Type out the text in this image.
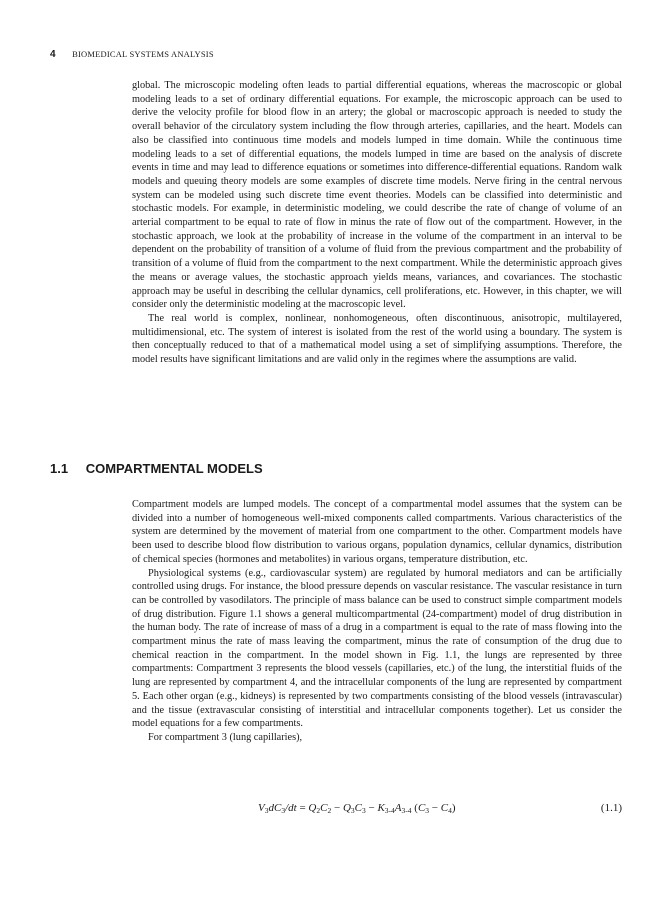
4 BIOMEDICAL SYSTEMS ANALYSIS

global. The microscopic modeling often leads to partial differential equations, whereas the macroscopic or global modeling leads to a set of ordinary differential equations. For example, the microscopic approach can be used to derive the velocity profile for blood flow in an artery; the global or macroscopic approach is needed to study the overall behavior of the circulatory system including the flow through arteries, capillaries, and the heart. Models can also be classified into continuous time models and models lumped in time domain. While the continuous time modeling leads to a set of differential equations, the models lumped in time are based on the analysis of discrete events in time and may lead to difference equations or sometimes into difference-differential equations. Random walk models and queuing theory models are some examples of discrete time models. Nerve firing in the central nervous system can be modeled using such discrete time event theories. Models can be classified into deterministic and stochastic models. For example, in deterministic modeling, we could describe the rate of change of volume of an arterial compartment to be equal to rate of flow in minus the rate of flow out of the compartment. However, in the stochastic approach, we look at the probability of increase in the volume of the compartment in an interval to be dependent on the probability of transition of a volume of fluid from the previous compartment and the probability of transition of a volume of fluid from the compartment to the next compartment. While the deterministic approach gives the means or average values, the stochastic approach yields means, variances, and covariances. The stochastic approach may be useful in describing the cellular dynamics, cell proliferations, etc. However, in this chapter, we will consider only the deterministic modeling at the macroscopic level.

The real world is complex, nonlinear, nonhomogeneous, often discontinuous, anisotropic, multilayered, multidimensional, etc. The system of interest is isolated from the rest of the world using a boundary. The system is then conceptually reduced to that of a mathematical model using a set of simplifying assumptions. Therefore, the model results have significant limitations and are valid only in the regimes where the assumptions are valid.

1.1 COMPARTMENTAL MODELS

Compartment models are lumped models. The concept of a compartmental model assumes that the system can be divided into a number of homogeneous well-mixed components called compartments. Various characteristics of the system are determined by the movement of material from one compartment to the other. Compartment models have been used to describe blood flow distribution to various organs, population dynamics, cellular dynamics, distribution of chemical species (hormones and metabolites) in various organs, temperature distribution, etc.

Physiological systems (e.g., cardiovascular system) are regulated by humoral mediators and can be artificially controlled using drugs. For instance, the blood pressure depends on vascular resistance. The vascular resistance in turn can be controlled by vasodilators. The principle of mass balance can be used to construct simple compartment models of drug distribution. Figure 1.1 shows a general multicompartmental (24-compartment) model of drug distribution in the human body. The rate of increase of mass of a drug in a compartment is equal to the rate of mass flowing into the compartment minus the rate of mass leaving the compartment, minus the rate of consumption of the drug due to chemical reaction in the compartment. In the model shown in Fig. 1.1, the lungs are represented by three compartments: Compartment 3 represents the blood vessels (capillaries, etc.) of the lung, the interstitial fluids of the lung are represented by compartment 4, and the intracellular components of the lung are represented by compartment 5. Each other organ (e.g., kidneys) is represented by two compartments consisting of the blood vessels (intravascular) and the tissue (extravascular consisting of interstitial and intracellular components together). Let us consider the model equations for a few compartments.

For compartment 3 (lung capillaries),

$V_3dC_3/dt = Q_2C_2 - Q_3C_3 - K_{3-4}A_{3-4}$ $(C_3 - C_4)$	(1.1)
